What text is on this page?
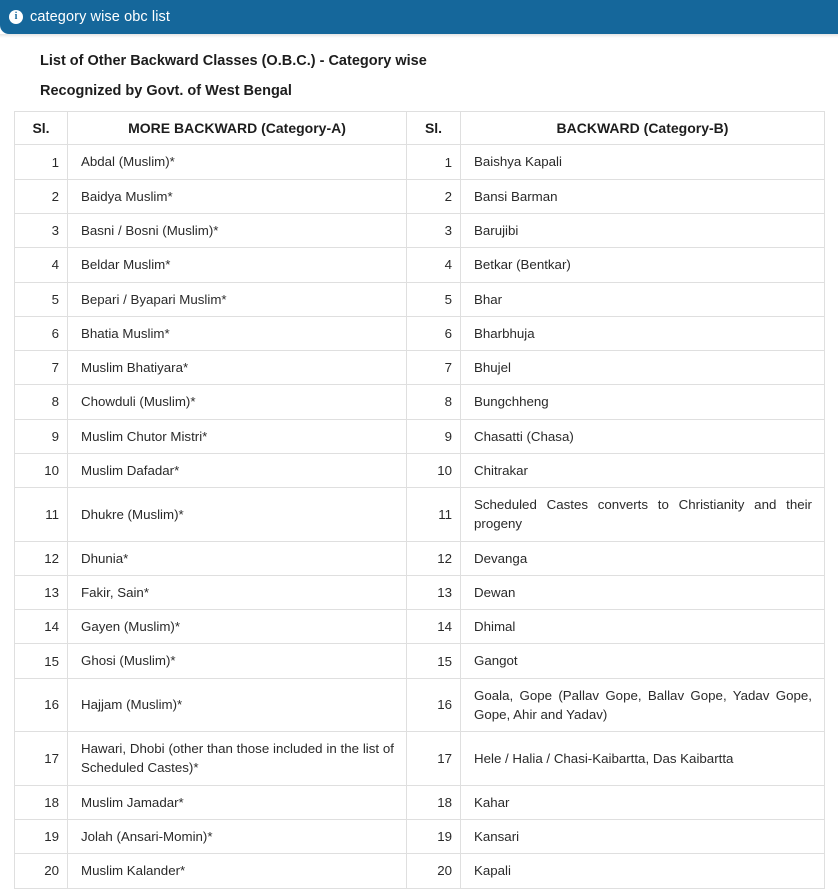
i category wise obc list
List of Other Backward Classes (O.B.C.) - Category wise
Recognized by Govt. of West Bengal
Sl.	MORE BACKWARD (Category-A)	Sl.	BACKWARD (Category-B)
1	Abdal (Muslim)*	1	Baishya Kapali
2	Baidya Muslim*	2	Bansi Barman
3	Basni / Bosni (Muslim)*	3	Barujibi
4	Beldar Muslim*	4	Betkar (Bentkar)
5	Bepari / Byapari Muslim*	5	Bhar
6	Bhatia Muslim*	6	Bharbhuja
7	Muslim Bhatiyara*	7	Bhujel
8	Chowduli (Muslim)*	8	Bungchheng
9	Muslim Chutor Mistri*	9	Chasatti (Chasa)
10	Muslim Dafadar*	10	Chitrakar
11	Dhukre (Muslim)*	11	Scheduled Castes converts to Christianity and their progeny
12	Dhunia*	12	Devanga
13	Fakir, Sain*	13	Dewan
14	Gayen (Muslim)*	14	Dhimal
15	Ghosi (Muslim)*	15	Gangot
16	Hajjam (Muslim)*	16	Goala, Gope (Pallav Gope, Ballav Gope, Yadav Gope, Gope, Ahir and Yadav)
17	Hawari, Dhobi (other than those included in the list of Scheduled Castes)*	17	Hele / Halia / Chasi-Kaibartta, Das Kaibartta
18	Muslim Jamadar*	18	Kahar
19	Jolah (Ansari-Momin)*	19	Kansari
20	Muslim Kalander*	20	Kapali
